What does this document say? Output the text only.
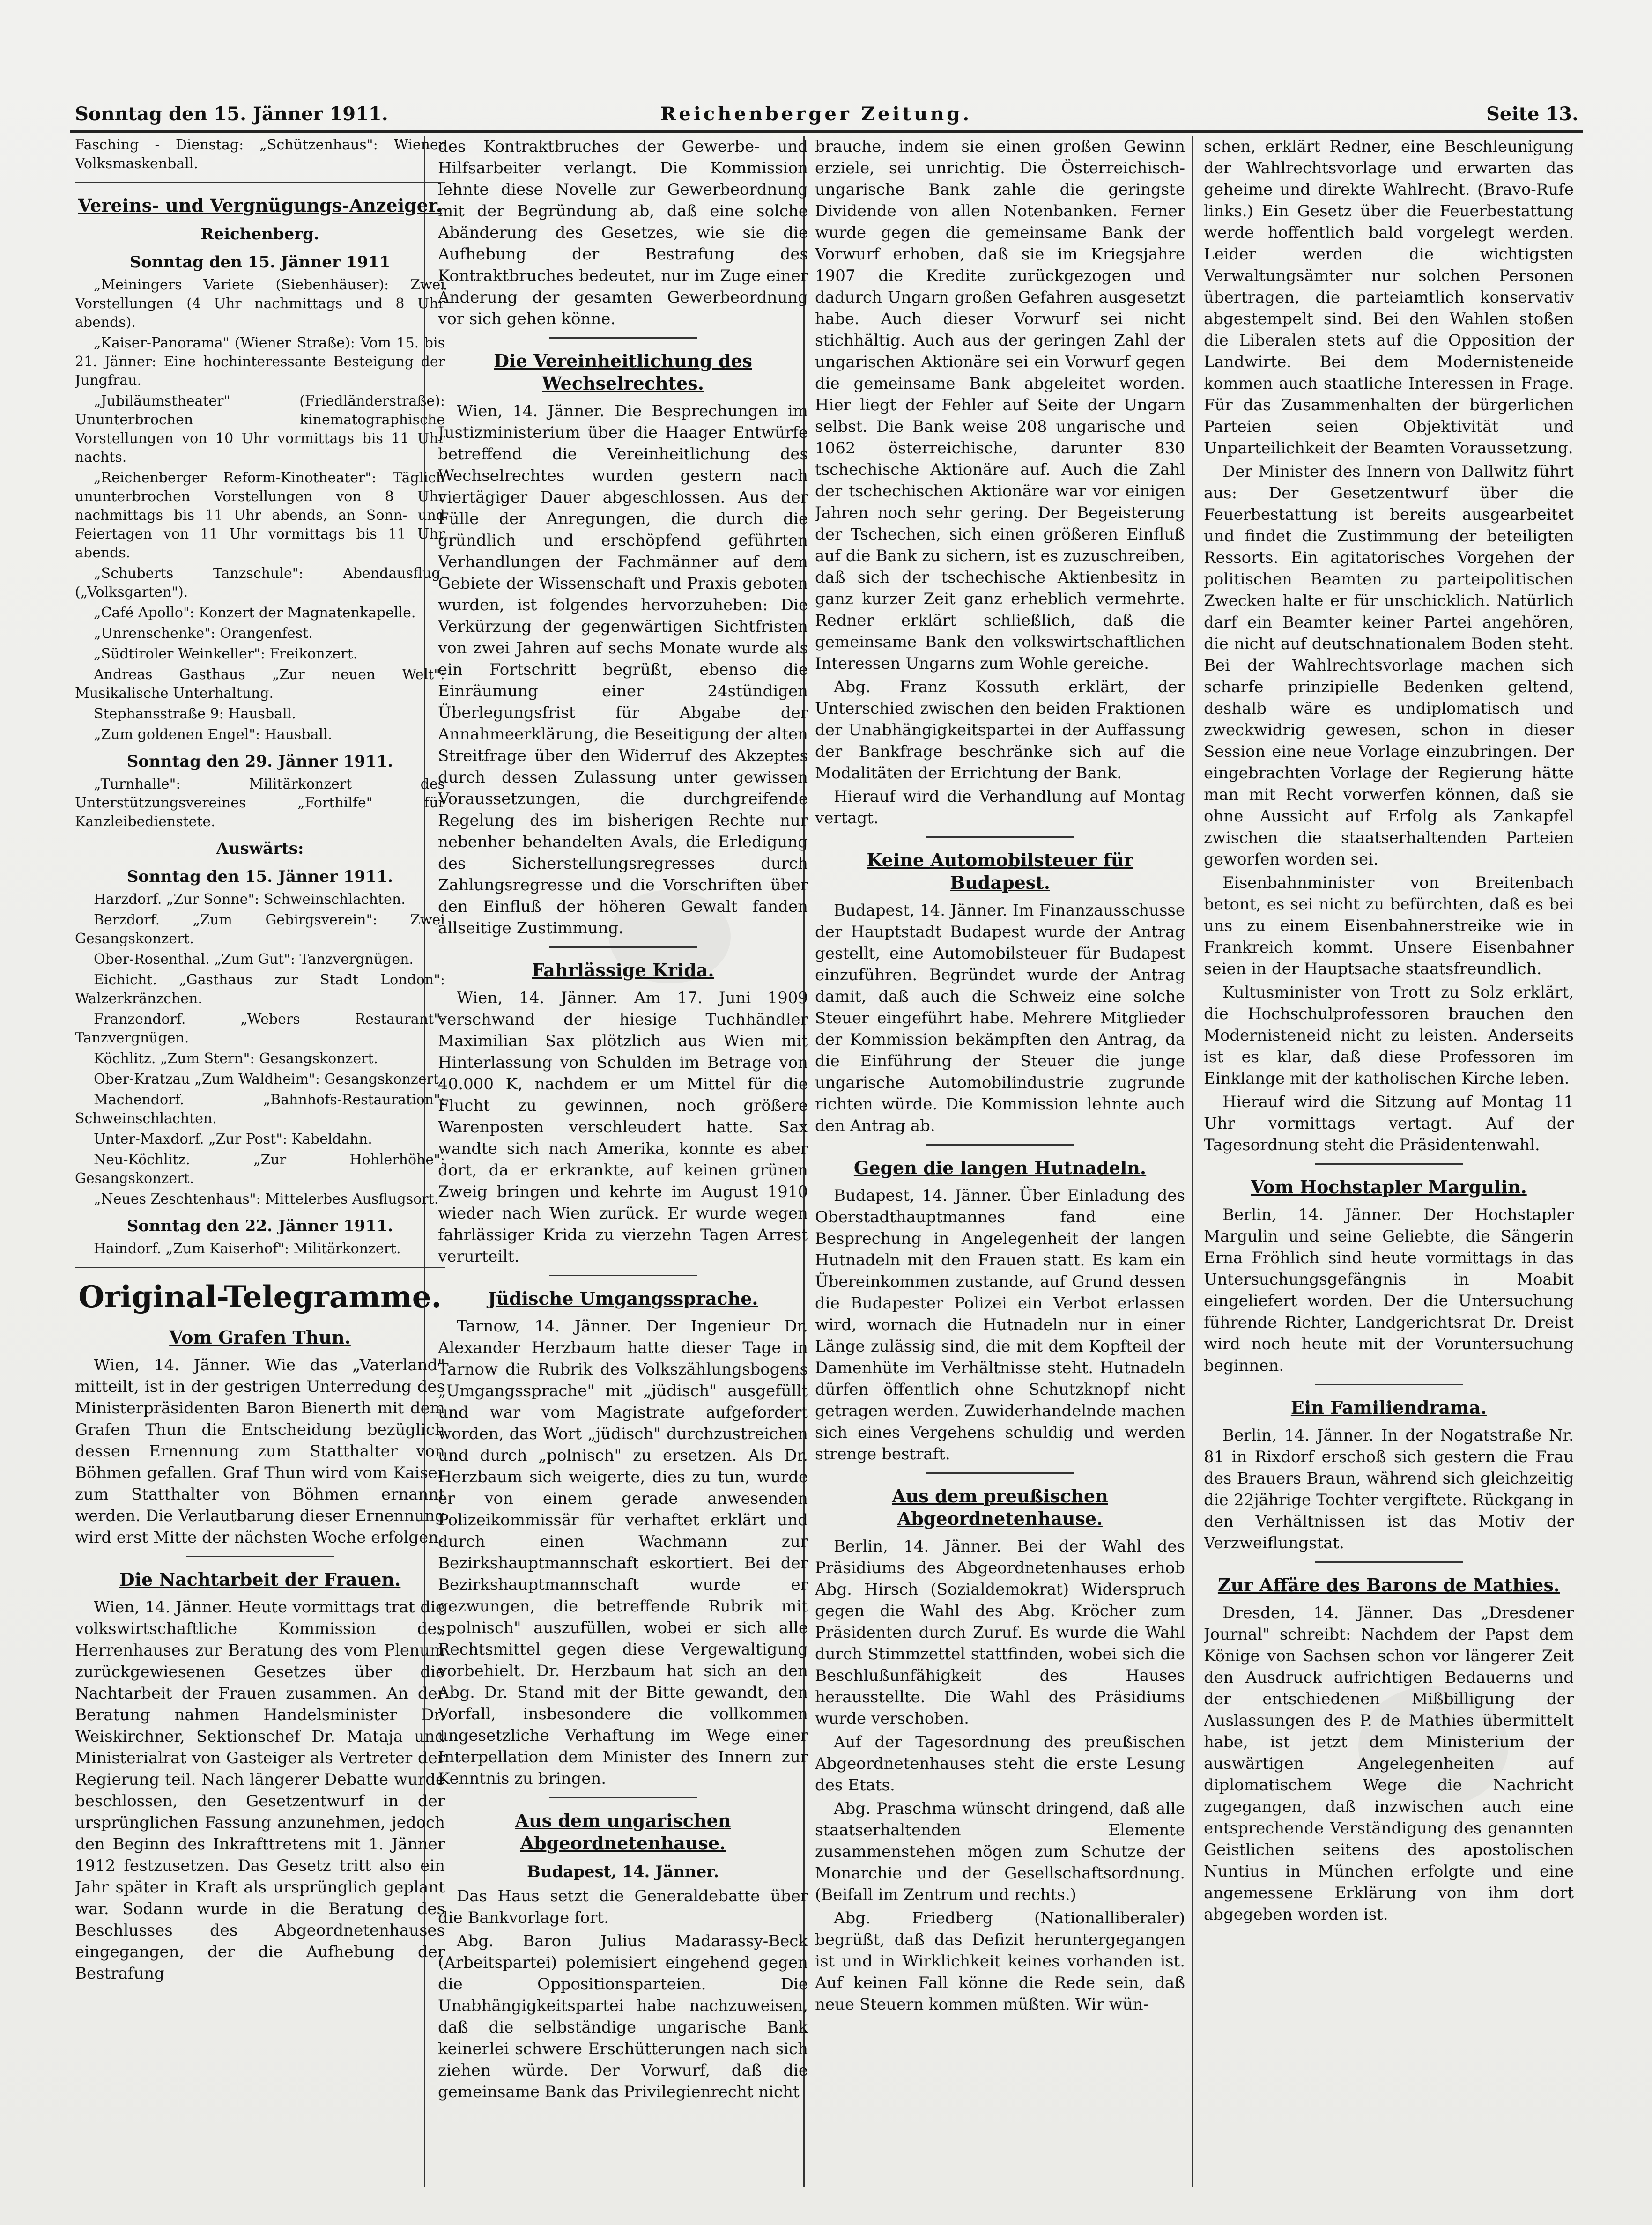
Sonntag den 15. Jänner 1911.	Reichenberger Zeitung.	Seite 13.

Fasching - Dienstag: „Schützenhaus": Wiener Volksmaskenball.

Vereins- und Vergnügungs-Anzeiger.
Reichenberg.
Sonntag den 15. Jänner 1911

„Meiningers Variete (Siebenhäuser): Zwei Vorstellungen (4 Uhr nachmittags und 8 Uhr abends).

„Kaiser-Panorama" (Wiener Straße): Vom 15. bis 21. Jänner: Eine hochinteressante Besteigung der Jungfrau.

„Jubiläumstheater" (Friedländerstraße): Ununterbrochen kinematographische Vorstellungen von 10 Uhr vormittags bis 11 Uhr nachts.

„Reichenberger Reform-Kinotheater": Täglich ununterbrochen Vorstellungen von 8 Uhr nachmittags bis 11 Uhr abends, an Sonn- und Feiertagen von 11 Uhr vormittags bis 11 Uhr abends.

„Schuberts Tanzschule": Abendausflug. („Volksgarten").

„Café Apollo": Konzert der Magnatenkapelle.

„Unrenschenke": Orangenfest.

„Südtiroler Weinkeller": Freikonzert.

Andreas Gasthaus „Zur neuen Welt": Musikalische Unterhaltung.

Stephansstraße 9: Hausball.

„Zum goldenen Engel": Hausball.

Sonntag den 29. Jänner 1911.

„Turnhalle": Militärkonzert des Unterstützungsvereines „Forthilfe" für Kanzleibedienstete.

Auswärts:
Sonntag den 15. Jänner 1911.

Harzdorf. „Zur Sonne": Schweinschlachten.

Berzdorf. „Zum Gebirgsverein": Zwei Gesangskonzert.

Ober-Rosenthal. „Zum Gut": Tanzvergnügen.

Eichicht. „Gasthaus zur Stadt London": Walzerkränzchen.

Franzendorf. „Webers Restaurant": Tanzvergnügen.

Köchlitz. „Zum Stern": Gesangskonzert.

Ober-Kratzau „Zum Waldheim": Gesangskonzert.

Machendorf. „Bahnhofs-Restauration": Schweinschlachten.

Unter-Maxdorf. „Zur Post": Kabeldahn.

Neu-Köchlitz. „Zur Hohlerhöhe": Gesangskonzert.

„Neues Zeschtenhaus": Mittelerbes Ausflugsort.

Sonntag den 22. Jänner 1911.

Haindorf. „Zum Kaiserhof": Militärkonzert.

Original-Telegramme.
Vom Grafen Thun.

Wien, 14. Jänner. Wie das „Vaterland" mitteilt, ist in der gestrigen Unterredung des Ministerpräsidenten Baron Bienerth mit dem Grafen Thun die Entscheidung bezüglich dessen Ernennung zum Statthalter von Böhmen gefallen. Graf Thun wird vom Kaiser zum Statthalter von Böhmen ernannt werden. Die Verlautbarung dieser Ernennung wird erst Mitte der nächsten Woche erfolgen.

Die Nachtarbeit der Frauen.

Wien, 14. Jänner. Heute vormittags trat die volkswirtschaftliche Kommission des Herrenhauses zur Beratung des vom Plenum zurückgewiesenen Gesetzes über die Nachtarbeit der Frauen zusammen. An der Beratung nahmen Handelsminister Dr. Weiskirchner, Sektionschef Dr. Mataja und Ministerialrat von Gasteiger als Vertreter der Regierung teil. Nach längerer Debatte wurde beschlossen, den Gesetzentwurf in der ursprünglichen Fassung anzunehmen, jedoch den Beginn des Inkrafttretens mit 1. Jänner 1912 festzusetzen. Das Gesetz tritt also ein Jahr später in Kraft als ursprünglich geplant war. Sodann wurde in die Beratung des Beschlusses des Abgeordnetenhauses eingegangen, der die Aufhebung der Bestrafung

des Kontraktbruches der Gewerbe- und Hilfsarbeiter verlangt. Die Kommission lehnte diese Novelle zur Gewerbeordnung mit der Begründung ab, daß eine solche Abänderung des Gesetzes, wie sie die Aufhebung der Bestrafung des Kontraktbruches bedeutet, nur im Zuge einer Änderung der gesamten Gewerbeordnung vor sich gehen könne.

Die Vereinheitlichung des Wechselrechtes.

Wien, 14. Jänner. Die Besprechungen im Justizministerium über die Haager Entwürfe betreffend die Vereinheitlichung des Wechselrechtes wurden gestern nach viertägiger Dauer abgeschlossen. Aus der Fülle der Anregungen, die durch die gründlich und erschöpfend geführten Verhandlungen der Fachmänner auf dem Gebiete der Wissenschaft und Praxis geboten wurden, ist folgendes hervorzuheben: Die Verkürzung der gegenwärtigen Sichtfristen von zwei Jahren auf sechs Monate wurde als ein Fortschritt begrüßt, ebenso die Einräumung einer 24stündigen Überlegungsfrist für Abgabe der Annahmeerklärung, die Beseitigung der alten Streitfrage über den Widerruf des Akzeptes durch dessen Zulassung unter gewissen Voraussetzungen, die durchgreifende Regelung des im bisherigen Rechte nur nebenher behandelten Avals, die Erledigung des Sicherstellungsregresses durch Zahlungsregresse und die Vorschriften über den Einfluß der höheren Gewalt fanden allseitige Zustimmung.

Fahrlässige Krida.

Wien, 14. Jänner. Am 17. Juni 1909 verschwand der hiesige Tuchhändler Maximilian Sax plötzlich aus Wien mit Hinterlassung von Schulden im Betrage von 40.000 K, nachdem er um Mittel für die Flucht zu gewinnen, noch größere Warenposten verschleudert hatte. Sax wandte sich nach Amerika, konnte es aber dort, da er erkrankte, auf keinen grünen Zweig bringen und kehrte im August 1910 wieder nach Wien zurück. Er wurde wegen fahrlässiger Krida zu vierzehn Tagen Arrest verurteilt.

Jüdische Umgangssprache.

Tarnow, 14. Jänner. Der Ingenieur Dr. Alexander Herzbaum hatte dieser Tage in Tarnow die Rubrik des Volkszählungsbogens „Umgangssprache" mit „jüdisch" ausgefüllt und war vom Magistrate aufgefordert worden, das Wort „jüdisch" durchzustreichen und durch „polnisch" zu ersetzen. Als Dr. Herzbaum sich weigerte, dies zu tun, wurde er von einem gerade anwesenden Polizeikommissär für verhaftet erklärt und durch einen Wachmann zur Bezirkshauptmannschaft eskortiert. Bei der Bezirkshauptmannschaft wurde er gezwungen, die betreffende Rubrik mit „polnisch" auszufüllen, wobei er sich alle Rechtsmittel gegen diese Vergewaltigung vorbehielt. Dr. Herzbaum hat sich an den Abg. Dr. Stand mit der Bitte gewandt, den Vorfall, insbesondere die vollkommen ungesetzliche Verhaftung im Wege einer Interpellation dem Minister des Innern zur Kenntnis zu bringen.

Aus dem ungarischen Abgeordnetenhause.
Budapest, 14. Jänner.

Das Haus setzt die Generaldebatte über die Bankvorlage fort.

Abg. Baron Julius Madarassy-Beck (Arbeitspartei) polemisiert eingehend gegen die Oppositionsparteien. Die Unabhängigkeitspartei habe nachzuweisen, daß die selbständige ungarische Bank keinerlei schwere Erschütterungen nach sich ziehen würde. Der Vorwurf, daß die gemeinsame Bank das Privilegienrecht nicht

brauche, indem sie einen großen Gewinn erziele, sei unrichtig. Die Österreichisch-ungarische Bank zahle die geringste Dividende von allen Notenbanken. Ferner wurde gegen die gemeinsame Bank der Vorwurf erhoben, daß sie im Kriegsjahre 1907 die Kredite zurückgezogen und dadurch Ungarn großen Gefahren ausgesetzt habe. Auch dieser Vorwurf sei nicht stichhältig. Auch aus der geringen Zahl der ungarischen Aktionäre sei ein Vorwurf gegen die gemeinsame Bank abgeleitet worden. Hier liegt der Fehler auf Seite der Ungarn selbst. Die Bank weise 208 ungarische und 1062 österreichische, darunter 830 tschechische Aktionäre auf. Auch die Zahl der tschechischen Aktionäre war vor einigen Jahren noch sehr gering. Der Begeisterung der Tschechen, sich einen größeren Einfluß auf die Bank zu sichern, ist es zuzuschreiben, daß sich der tschechische Aktienbesitz in ganz kurzer Zeit ganz erheblich vermehrte. Redner erklärt schließlich, daß die gemeinsame Bank den volkswirtschaftlichen Interessen Ungarns zum Wohle gereiche.

Abg. Franz Kossuth erklärt, der Unterschied zwischen den beiden Fraktionen der Unabhängigkeitspartei in der Auffassung der Bankfrage beschränke sich auf die Modalitäten der Errichtung der Bank.

Hierauf wird die Verhandlung auf Montag vertagt.

Keine Automobilsteuer für Budapest.

Budapest, 14. Jänner. Im Finanzausschusse der Hauptstadt Budapest wurde der Antrag gestellt, eine Automobilsteuer für Budapest einzuführen. Begründet wurde der Antrag damit, daß auch die Schweiz eine solche Steuer eingeführt habe. Mehrere Mitglieder der Kommission bekämpften den Antrag, da die Einführung der Steuer die junge ungarische Automobilindustrie zugrunde richten würde. Die Kommission lehnte auch den Antrag ab.

Gegen die langen Hutnadeln.

Budapest, 14. Jänner. Über Einladung des Oberstadthauptmannes fand eine Besprechung in Angelegenheit der langen Hutnadeln mit den Frauen statt. Es kam ein Übereinkommen zustande, auf Grund dessen die Budapester Polizei ein Verbot erlassen wird, wornach die Hutnadeln nur in einer Länge zulässig sind, die mit dem Kopfteil der Damenhüte im Verhältnisse steht. Hutnadeln dürfen öffentlich ohne Schutzknopf nicht getragen werden. Zuwiderhandelnde machen sich eines Vergehens schuldig und werden strenge bestraft.

Aus dem preußischen Abgeordnetenhause.

Berlin, 14. Jänner. Bei der Wahl des Präsidiums des Abgeordnetenhauses erhob Abg. Hirsch (Sozialdemokrat) Widerspruch gegen die Wahl des Abg. Kröcher zum Präsidenten durch Zuruf. Es wurde die Wahl durch Stimmzettel stattfinden, wobei sich die Beschlußunfähigkeit des Hauses herausstellte. Die Wahl des Präsidiums wurde verschoben.

Auf der Tagesordnung des preußischen Abgeordnetenhauses steht die erste Lesung des Etats.

Abg. Praschma wünscht dringend, daß alle staatserhaltenden Elemente zusammenstehen mögen zum Schutze der Monarchie und der Gesellschaftsordnung. (Beifall im Zentrum und rechts.)

Abg. Friedberg (Nationalliberaler) begrüßt, daß das Defizit heruntergegangen ist und in Wirklichkeit keines vorhanden ist. Auf keinen Fall könne die Rede sein, daß neue Steuern kommen müßten. Wir wün-

schen, erklärt Redner, eine Beschleunigung der Wahlrechtsvorlage und erwarten das geheime und direkte Wahlrecht. (Bravo-Rufe links.) Ein Gesetz über die Feuerbestattung werde hoffentlich bald vorgelegt werden. Leider werden die wichtigsten Verwaltungsämter nur solchen Personen übertragen, die parteiamtlich konservativ abgestempelt sind. Bei den Wahlen stoßen die Liberalen stets auf die Opposition der Landwirte. Bei dem Modernisteneide kommen auch staatliche Interessen in Frage. Für das Zusammenhalten der bürgerlichen Parteien seien Objektivität und Unparteilichkeit der Beamten Voraussetzung.

Der Minister des Innern von Dallwitz führt aus: Der Gesetzentwurf über die Feuerbestattung ist bereits ausgearbeitet und findet die Zustimmung der beteiligten Ressorts. Ein agitatorisches Vorgehen der politischen Beamten zu parteipolitischen Zwecken halte er für unschicklich. Natürlich darf ein Beamter keiner Partei angehören, die nicht auf deutschnationalem Boden steht. Bei der Wahlrechtsvorlage machen sich scharfe prinzipielle Bedenken geltend, deshalb wäre es undiplomatisch und zweckwidrig gewesen, schon in dieser Session eine neue Vorlage einzubringen. Der eingebrachten Vorlage der Regierung hätte man mit Recht vorwerfen können, daß sie ohne Aussicht auf Erfolg als Zankapfel zwischen die staatserhaltenden Parteien geworfen worden sei.

Eisenbahnminister von Breitenbach betont, es sei nicht zu befürchten, daß es bei uns zu einem Eisenbahnerstreike wie in Frankreich kommt. Unsere Eisenbahner seien in der Hauptsache staatsfreundlich.

Kultusminister von Trott zu Solz erklärt, die Hochschulprofessoren brauchen den Modernisteneid nicht zu leisten. Anderseits ist es klar, daß diese Professoren im Einklange mit der katholischen Kirche leben.

Hierauf wird die Sitzung auf Montag 11 Uhr vormittags vertagt. Auf der Tagesordnung steht die Präsidentenwahl.

Vom Hochstapler Margulin.

Berlin, 14. Jänner. Der Hochstapler Margulin und seine Geliebte, die Sängerin Erna Fröhlich sind heute vormittags in das Untersuchungsgefängnis in Moabit eingeliefert worden. Der die Untersuchung führende Richter, Landgerichtsrat Dr. Dreist wird noch heute mit der Voruntersuchung beginnen.

Ein Familiendrama.

Berlin, 14. Jänner. In der Nogatstraße Nr. 81 in Rixdorf erschoß sich gestern die Frau des Brauers Braun, während sich gleichzeitig die 22jährige Tochter vergiftete. Rückgang in den Verhältnissen ist das Motiv der Verzweiflungstat.

Zur Affäre des Barons de Mathies.

Dresden, 14. Jänner. Das „Dresdener Journal" schreibt: Nachdem der Papst dem Könige von Sachsen schon vor längerer Zeit den Ausdruck aufrichtigen Bedauerns und der entschiedenen Mißbilligung der Auslassungen des P. de Mathies übermittelt habe, ist jetzt dem Ministerium der auswärtigen Angelegenheiten auf diplomatischem Wege die Nachricht zugegangen, daß inzwischen auch eine entsprechende Verständigung des genannten Geistlichen seitens des apostolischen Nuntius in München erfolgte und eine angemessene Erklärung von ihm dort abgegeben worden ist.
